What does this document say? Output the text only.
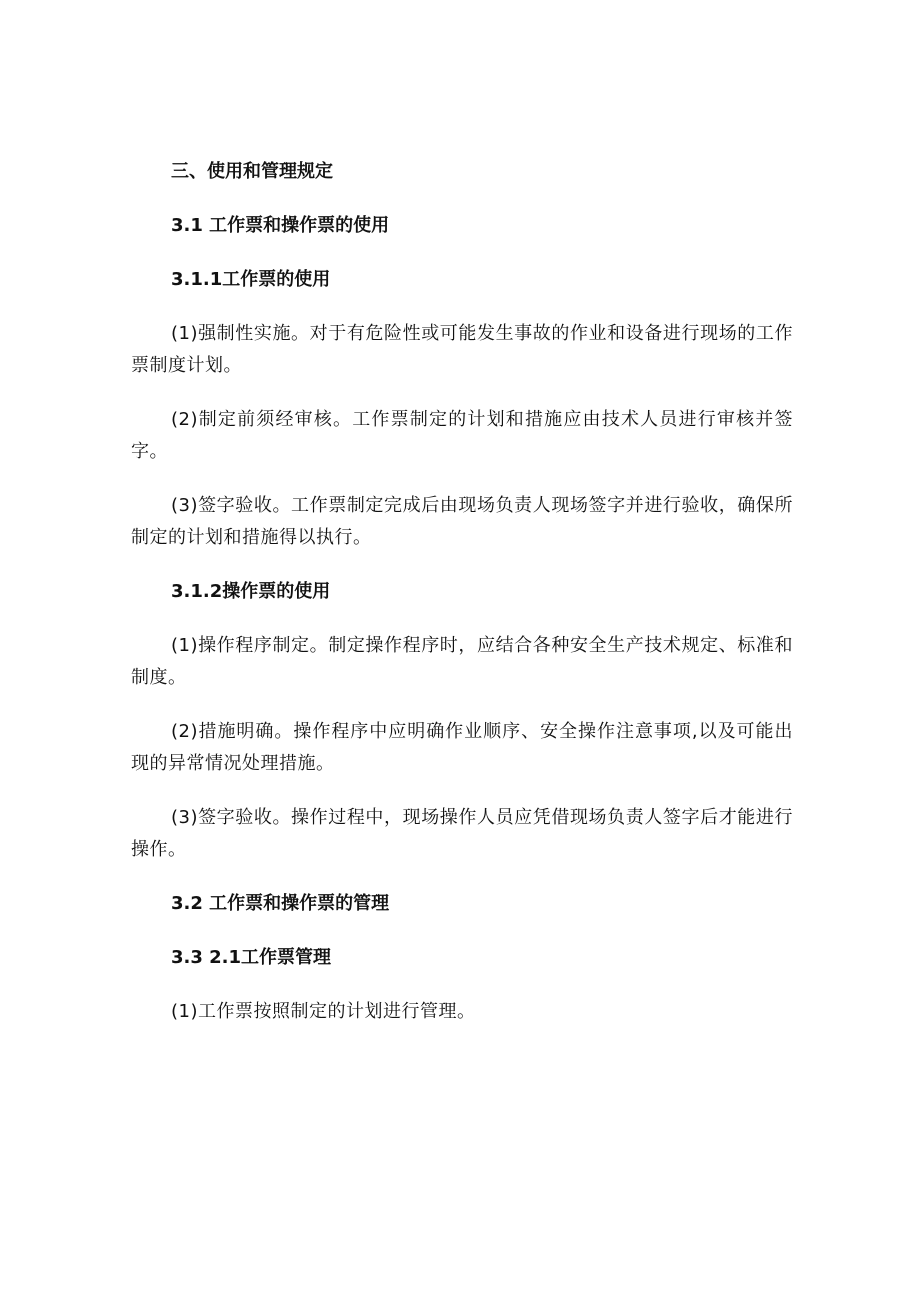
三、使用和管理规定
3.1 工作票和操作票的使用
3.1.1工作票的使用
(1)强制性实施。对于有危险性或可能发生事故的作业和设备进行现场的工作票制度计划。
(2)制定前须经审核。工作票制定的计划和措施应由技术人员进行审核并签字。
(3)签字验收。工作票制定完成后由现场负责人现场签字并进行验收，确保所制定的计划和措施得以执行。
3.1.2操作票的使用
(1)操作程序制定。制定操作程序时，应结合各种安全生产技术规定、标准和制度。
(2)措施明确。操作程序中应明确作业顺序、安全操作注意事项,以及可能出现的异常情况处理措施。
(3)签字验收。操作过程中，现场操作人员应凭借现场负责人签字后才能进行操作。
3.2 工作票和操作票的管理
3.3 2.1工作票管理
(1)工作票按照制定的计划进行管理。
